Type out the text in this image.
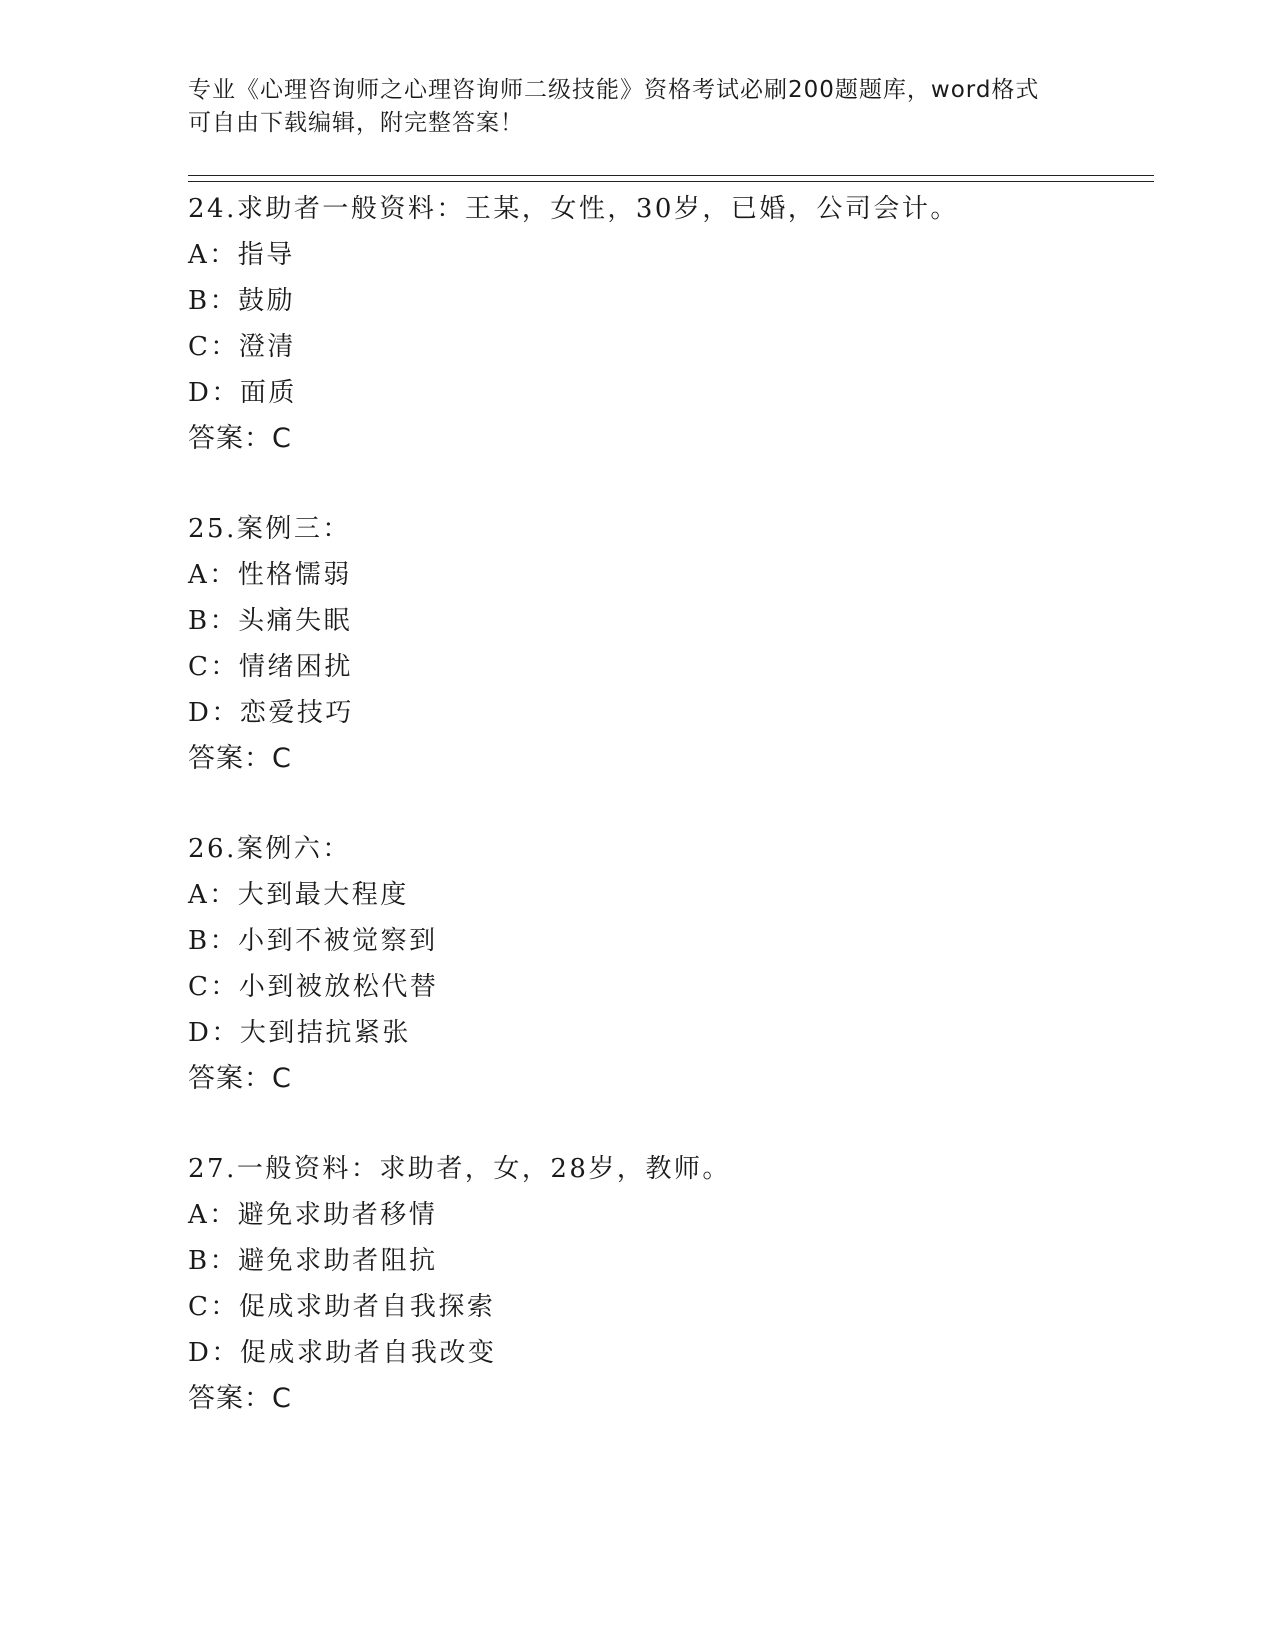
专业《心理咨询师之心理咨询师二级技能》资格考试必刷200题题库，word格式
可自由下载编辑，附完整答案！
24.求助者一般资料：王某，女性，30岁，已婚，公司会计。
A：指导
B：鼓励
C：澄清
D：面质
答案：C
25.案例三：
A：性格懦弱
B：头痛失眠
C：情绪困扰
D：恋爱技巧
答案：C
26.案例六：
A：大到最大程度
B：小到不被觉察到
C：小到被放松代替
D：大到拮抗紧张
答案：C
27.一般资料：求助者，女，28岁，教师。
A：避免求助者移情
B：避免求助者阻抗
C：促成求助者自我探索
D：促成求助者自我改变
答案：C
